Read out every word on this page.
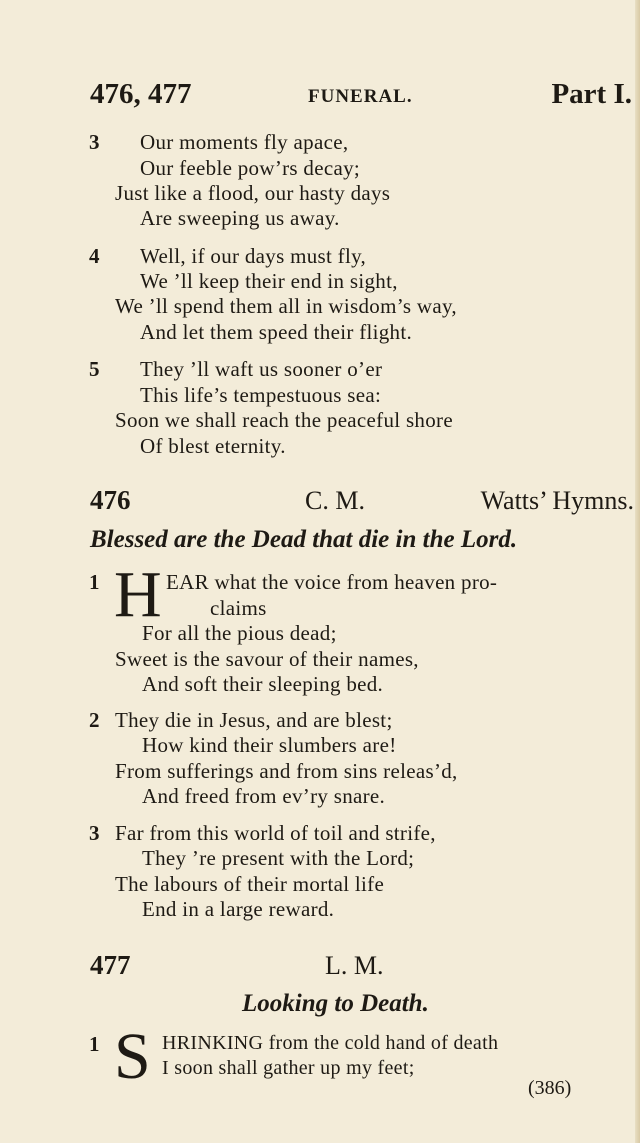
476, 477	FUNERAL.	Part I.
3 Our moments fly apace,
Our feeble pow’rs decay;
Just like a flood, our hasty days
Are sweeping us away.
4 Well, if our days must fly,
We ’ll keep their end in sight,
We ’ll spend them all in wisdom’s way,
And let them speed their flight.
5 They ’ll waft us sooner o’er
This life’s tempestuous sea:
Soon we shall reach the peaceful shore
Of blest eternity.
476	C. M.	Watts’ Hymns.
Blessed are the Dead that die in the Lord.
1 H EAR what the voice from heaven pro-
claims
For all the pious dead;
Sweet is the savour of their names,
And soft their sleeping bed.
2 They die in Jesus, and are blest;
How kind their slumbers are!
From sufferings and from sins releas’d,
And freed from ev’ry snare.
3 Far from this world of toil and strife,
They ’re present with the Lord;
The labours of their mortal life
End in a large reward.
477	L. M.
Looking to Death.
1 S HRINKING from the cold hand of death
I soon shall gather up my feet;
(386)
